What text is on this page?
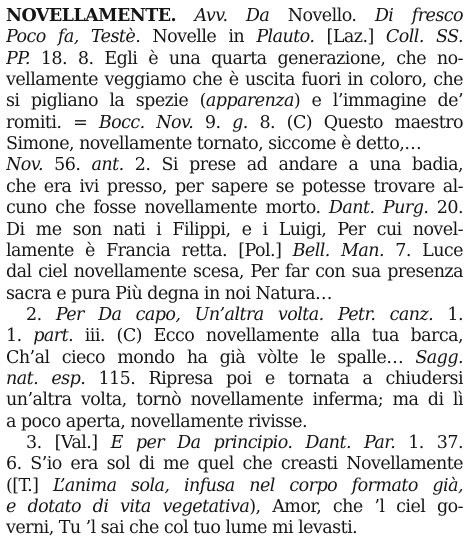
NOVELLAMENTE. Avv. Da Novello. Di fresco
Poco fa, Testè. Novelle in Plauto. [Laz.] Coll. SS.
PP. 18. 8. Egli è una quarta generazione, che no-
vellamente veggiamo che è uscita fuori in coloro, che
si pigliano la spezie (apparenza) e l’immagine de’
romiti. = Bocc. Nov. 9. g. 8. (C) Questo maestro
Simone, novellamente tornato, siccome è detto,…
Nov. 56. ant. 2. Si prese ad andare a una badia,
che era ivi presso, per sapere se potesse trovare al-
cuno che fosse novellamente morto. Dant. Purg. 20.
Di me son nati i Filippi, e i Luigi, Per cui novel-
lamente è Francia retta. [Pol.] Bell. Man. 7. Luce
dal ciel novellamente scesa, Per far con sua presenza
sacra e pura Più degna in noi Natura…
2. Per Da capo, Un’altra volta. Petr. canz. 1.
1. part. iii. (C) Ecco novellamente alla tua barca,
Ch’al cieco mondo ha già vòlte le spalle… Sagg.
nat. esp. 115. Ripresa poi e tornata a chiudersi
un’altra volta, tornò novellamente inferma; ma di lì
a poco aperta, novellamente rivisse.
3. [Val.] E per Da principio. Dant. Par. 1. 37.
6. S’io era sol di me quel che creasti Novellamente
([T.] L’anima sola, infusa nel corpo formato già,
e dotato di vita vegetativa), Amor, che ’l ciel go-
verni, Tu ’l sai che col tuo lume mi levasti.
